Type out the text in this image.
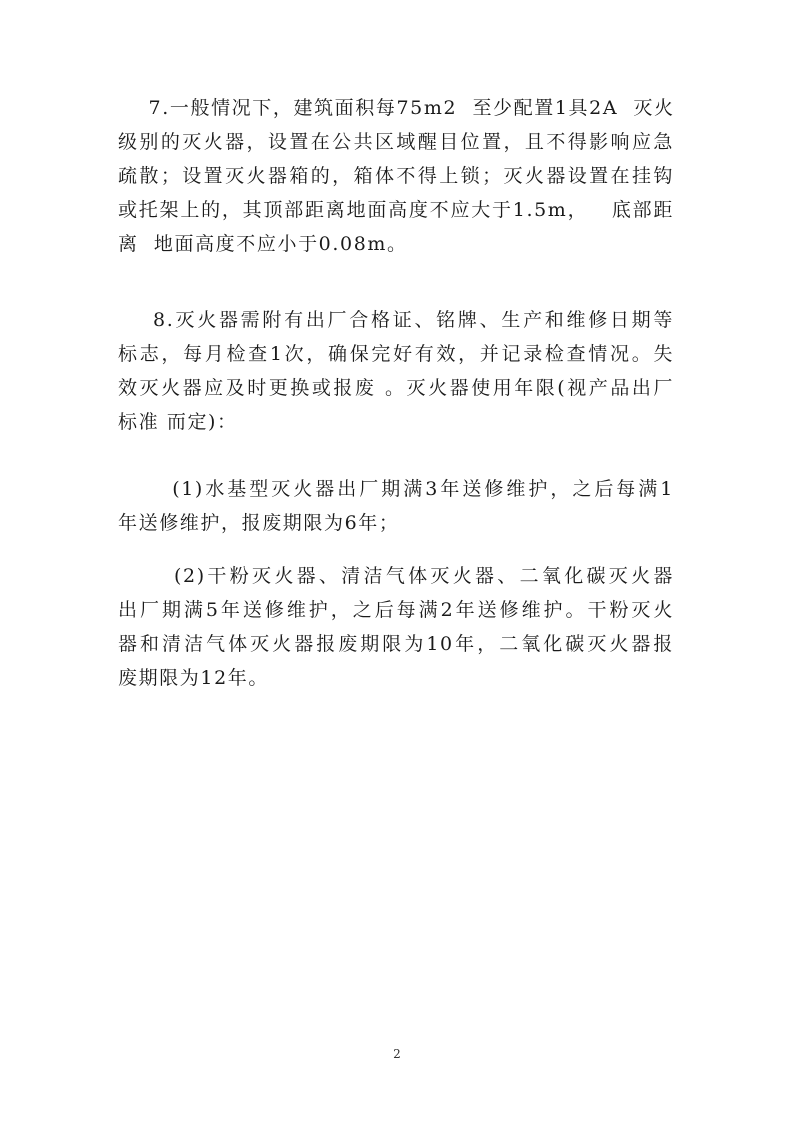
7.一般情况下，建筑面积每75m2  至少配置1具2A  灭火
级别的灭火器，设置在公共区域醒目位置，且不得影响应急
疏散；设置灭火器箱的，箱体不得上锁；灭火器设置在挂钩
或托架上的，其顶部距离地面高度不应大于1.5m，   底部距
离  地面高度不应小于0.08m。

8.灭火器需附有出厂合格证、铭牌、生产和维修日期等
标志，每月检查1次，确保完好有效，并记录检查情况。失
效灭火器应及时更换或报废 。灭火器使用年限(视产品出厂
标准 而定)：

(1)水基型灭火器出厂期满3年送修维护，之后每满1
年送修维护，报废期限为6年；

(2)干粉灭火器、清洁气体灭火器、二氧化碳灭火器
出厂期满5年送修维护，之后每满2年送修维护。干粉灭火
器和清洁气体灭火器报废期限为10年，二氧化碳灭火器报
废期限为12年。

2
